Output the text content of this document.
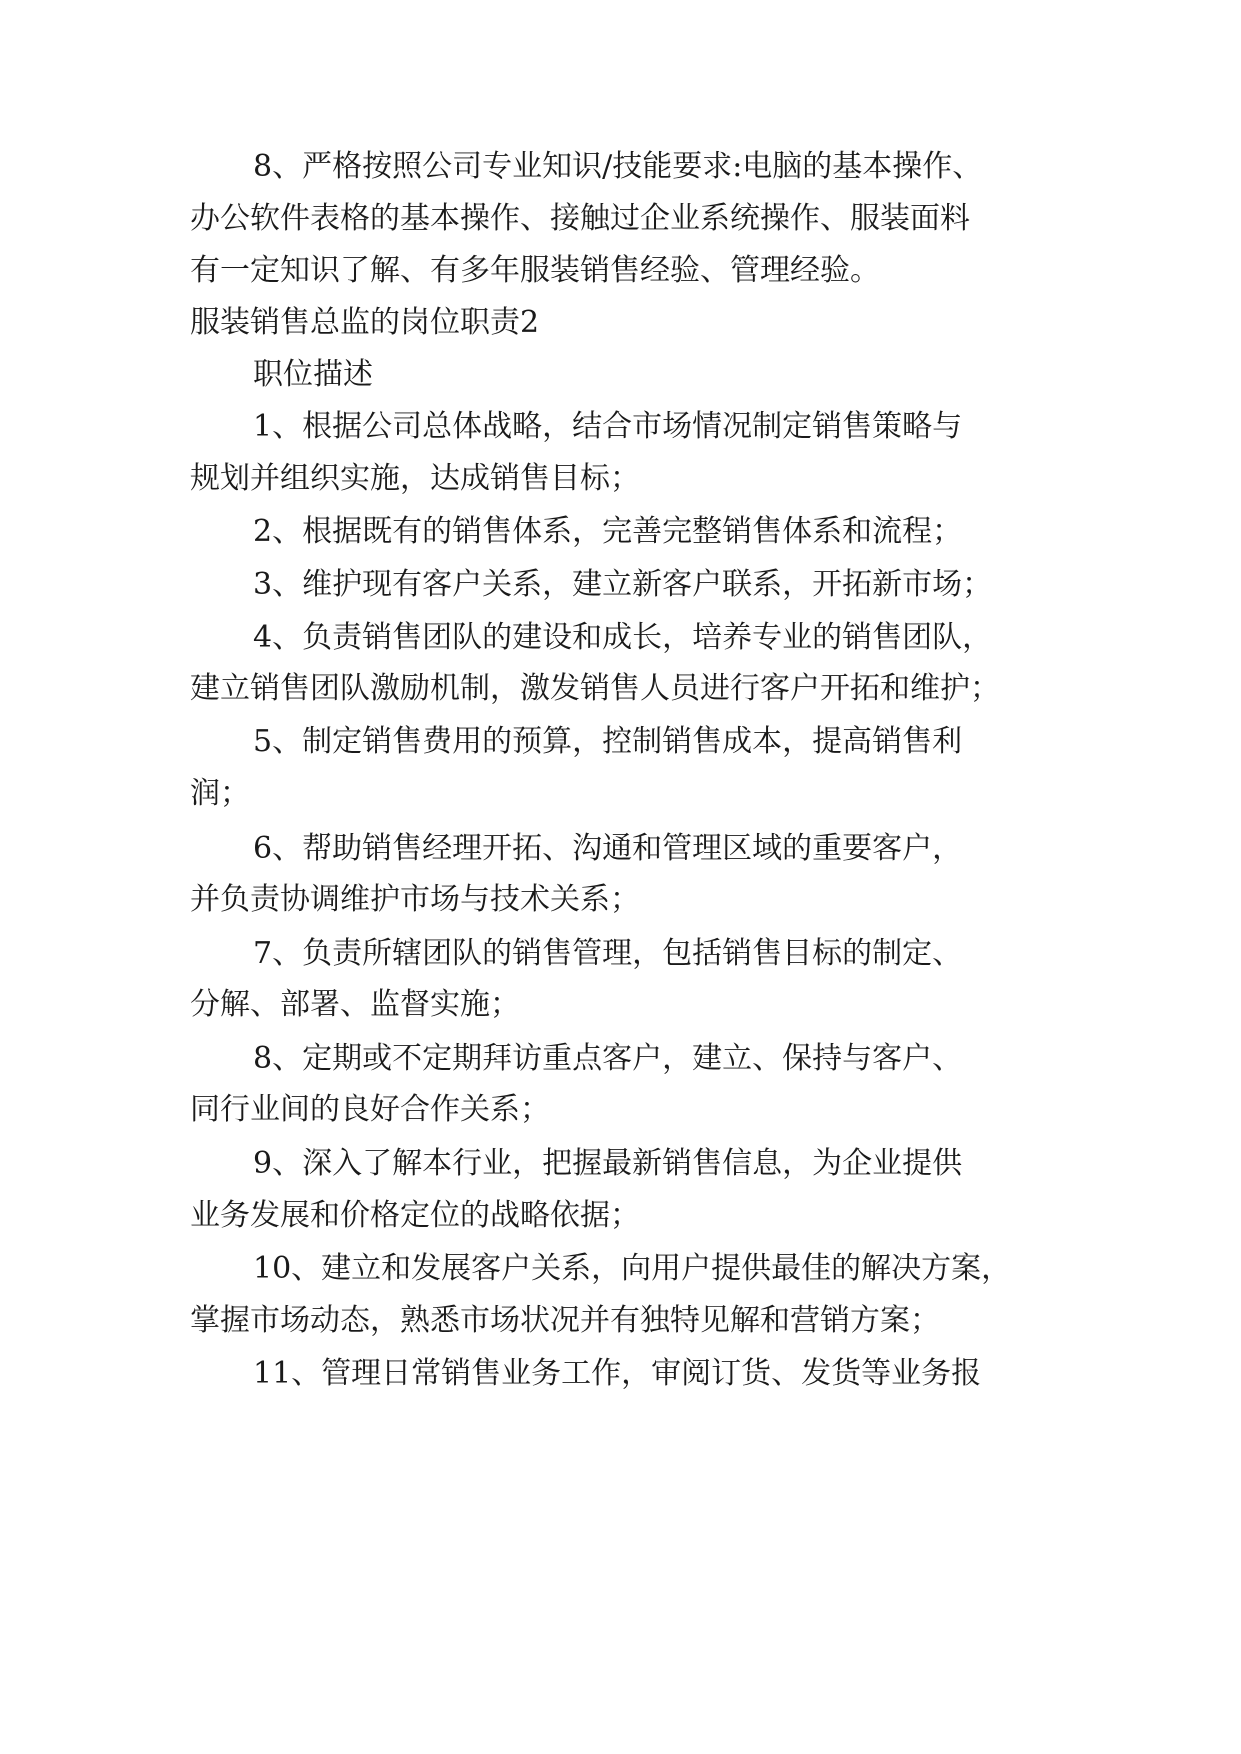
8、严格按照公司专业知识/技能要求:电脑的基本操作、
办公软件表格的基本操作、接触过企业系统操作、服装面料
有一定知识了解、有多年服装销售经验、管理经验。
服装销售总监的岗位职责2
职位描述
1、根据公司总体战略，结合市场情况制定销售策略与
规划并组织实施，达成销售目标；
2、根据既有的销售体系，完善完整销售体系和流程；
3、维护现有客户关系，建立新客户联系，开拓新市场；
4、负责销售团队的建设和成长，培养专业的销售团队，
建立销售团队激励机制，激发销售人员进行客户开拓和维护；
5、制定销售费用的预算，控制销售成本，提高销售利
润；
6、帮助销售经理开拓、沟通和管理区域的重要客户，
并负责协调维护市场与技术关系；
7、负责所辖团队的销售管理，包括销售目标的制定、
分解、部署、监督实施；
8、定期或不定期拜访重点客户，建立、保持与客户、
同行业间的良好合作关系；
9、深入了解本行业，把握最新销售信息，为企业提供
业务发展和价格定位的战略依据；
10、建立和发展客户关系，向用户提供最佳的解决方案，
掌握市场动态，熟悉市场状况并有独特见解和营销方案；
11、管理日常销售业务工作，审阅订货、发货等业务报
